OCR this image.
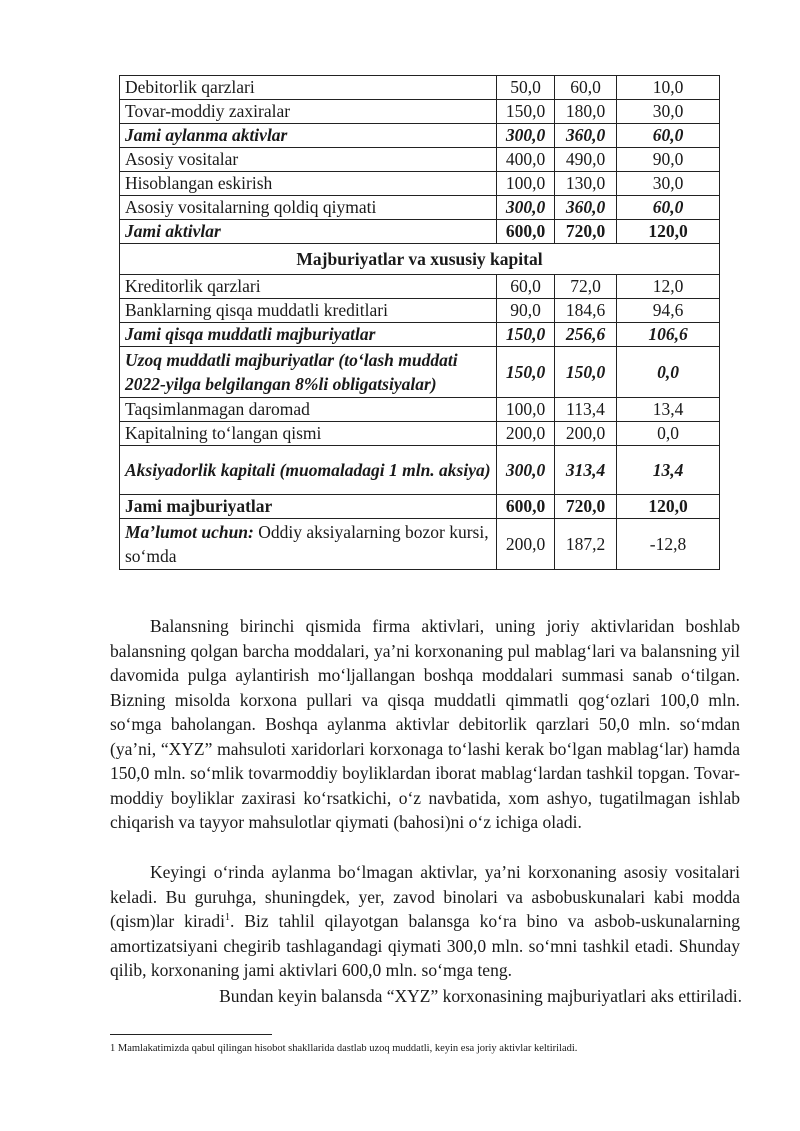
Debitorlik qarzlari	50,0	60,0	10,0
Tovar-moddiy zaxiralar	150,0	180,0	30,0
Jami aylanma aktivlar	300,0	360,0	60,0
Asosiy vositalar	400,0	490,0	90,0
Hisoblangan eskirish	100,0	130,0	30,0
Asosiy vositalarning qoldiq qiymati	300,0	360,0	60,0
Jami aktivlar	600,0	720,0	120,0
Majburiyatlar va xususiy kapital			
Kreditorlik qarzlari	60,0	72,0	12,0
Banklarning qisqa muddatli kreditlari	90,0	184,6	94,6
Jami qisqa muddatli majburiyatlar	150,0	256,6	106,6
Uzoq muddatli majburiyatlar (to‘lash muddati 2022-yilga belgilangan 8%li obligatsiyalar)	150,0	150,0	0,0
Taqsimlanmagan daromad	100,0	113,4	13,4
Kapitalning to‘langan qismi	200,0	200,0	0,0
Aksiyadorlik kapitali (muomaladagi 1 mln. aksiya)	300,0	313,4	13,4
Jami majburiyatlar	600,0	720,0	120,0
Ma’lumot uchun: Oddiy aksiyalarning bozor kursi, so‘mda	200,0	187,2	-12,8
Balansning birinchi qismida firma aktivlari, uning joriy aktivlaridan boshlab balansning qolgan barcha moddalari, ya’ni korxonaning pul mablag‘lari va balansning yil davomida pulga aylantirish mo‘ljallangan boshqa moddalari summasi sanab o‘tilgan. Bizning misolda korxona pullari va qisqa muddatli qimmatli qog‘ozlari 100,0 mln. so‘mga baholangan. Boshqa aylanma aktivlar debitorlik qarzlari 50,0 mln. so‘mdan (ya’ni, “XYZ” mahsuloti xaridorlari korxonaga to‘lashi kerak bo‘lgan mablag‘lar) hamda 150,0 mln. so‘mlik tovarmoddiy boyliklardan iborat mablag‘lardan tashkil topgan. Tovar-moddiy boyliklar zaxirasi ko‘rsatkichi, o‘z navbatida, xom ashyo, tugatilmagan ishlab chiqarish va tayyor mahsulotlar qiymati (bahosi)ni o‘z ichiga oladi.
Keyingi o‘rinda aylanma bo‘lmagan aktivlar, ya’ni korxonaning asosiy vositalari keladi. Bu guruhga, shuningdek, yer, zavod binolari va asbobuskunalari kabi modda (qism)lar kiradi$^1$. Biz tahlil qilayotgan balansga ko‘ra bino va asbob-uskunalarning amortizatsiyani chegirib tashlagandagi qiymati 300,0 mln. so‘mni tashkil etadi. Shunday qilib, korxonaning jami aktivlari 600,0 mln. so‘mga teng.
Bundan keyin balansda “XYZ” korxonasining majburiyatlari aks ettiriladi.
1 Mamlakatimizda qabul qilingan hisobot shakllarida dastlab uzoq muddatli, keyin esa joriy aktivlar keltiriladi.
